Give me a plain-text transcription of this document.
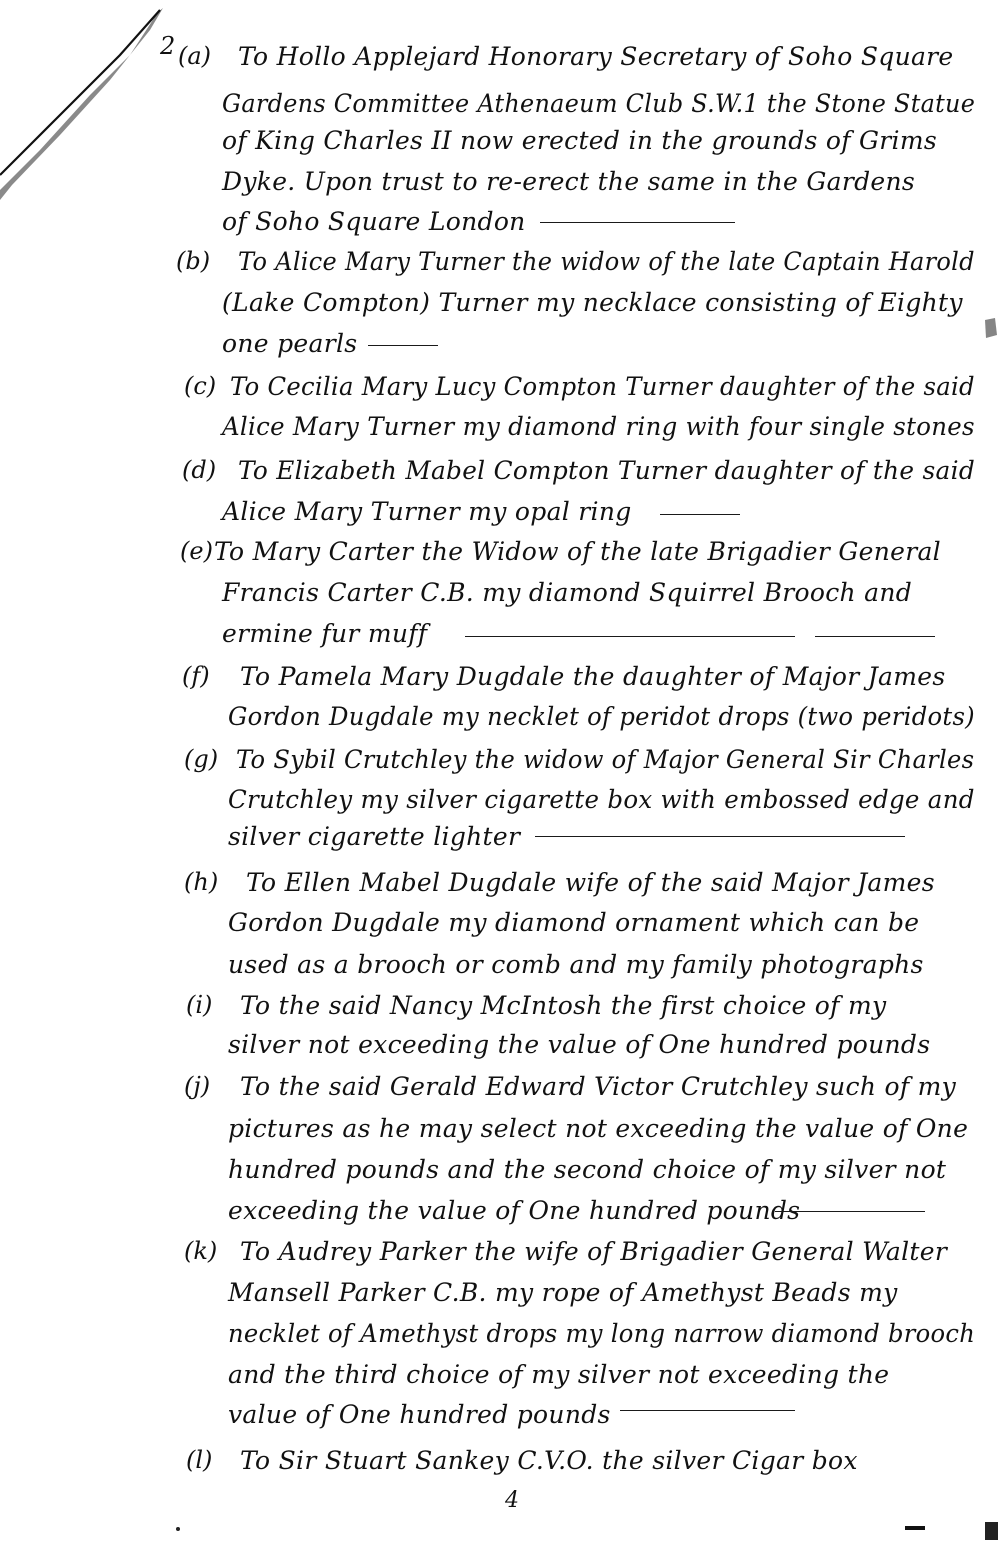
2 (a) To Hollo Applejard Honorary Secretary of Soho Square

Gardens Committee Athenaeum Club S.W.1 the Stone Statue

of King Charles II now erected in the grounds of Grims

Dyke. Upon trust to re-erect the same in the Gardens

of Soho Square London

(b) To Alice Mary Turner the widow of the late Captain Harold

(Lake Compton) Turner my necklace consisting of Eighty

one pearls

(c) To Cecilia Mary Lucy Compton Turner daughter of the said

Alice Mary Turner my diamond ring with four single stones

(d) To Elizabeth Mabel Compton Turner daughter of the said

Alice Mary Turner my opal ring

(e) To Mary Carter the Widow of the late Brigadier General

Francis Carter C.B. my diamond Squirrel Brooch and

ermine fur muff

(f) To Pamela Mary Dugdale the daughter of Major James

Gordon Dugdale my necklet of peridot drops (two peridots)

(g) To Sybil Crutchley the widow of Major General Sir Charles

Crutchley my silver cigarette box with embossed edge and

silver cigarette lighter

(h) To Ellen Mabel Dugdale wife of the said Major James

Gordon Dugdale my diamond ornament which can be

used as a brooch or comb and my family photographs

(i) To the said Nancy McIntosh the first choice of my

silver not exceeding the value of One hundred pounds

(j) To the said Gerald Edward Victor Crutchley such of my

pictures as he may select not exceeding the value of One

hundred pounds and the second choice of my silver not

exceeding the value of One hundred pounds

(k) To Audrey Parker the wife of Brigadier General Walter

Mansell Parker C.B. my rope of Amethyst Beads my

necklet of Amethyst drops my long narrow diamond brooch

and the third choice of my silver not exceeding the

value of One hundred pounds

(l) To Sir Stuart Sankey C.V.O. the silver Cigar box

4
